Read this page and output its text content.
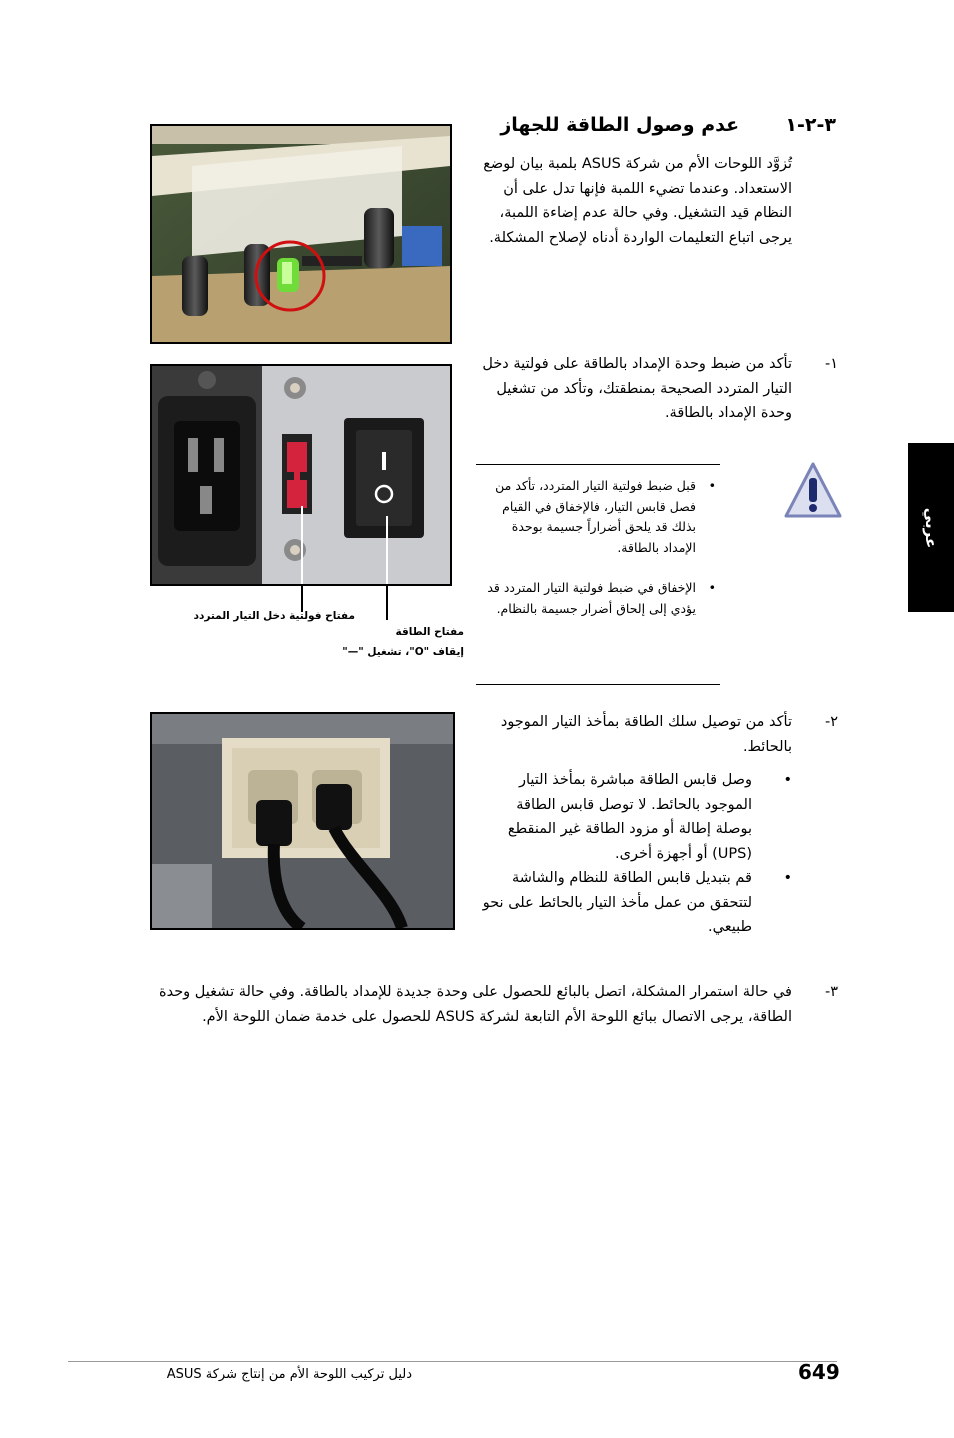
٣-٢-١       عدم وصول الطاقة للجهاز
تُزوَّد اللوحات الأم من شركة ASUS بلمبة بيان لوضع الاستعداد. وعندما تضيء اللمبة فإنها تدل على أن النظام قيد التشغيل. وفي حالة عدم إضاءة اللمبة، يرجى اتباع التعليمات الواردة أدناه لإصلاح المشكلة.
مفتاح فولتية دخل التيار المتردد
مفتاح الطاقة
إيقاف "O"، تشغيل "—"
١-
تأكد من ضبط وحدة الإمداد بالطاقة على فولتية دخل التيار المتردد الصحيحة بمنطقتك، وتأكد من تشغيل وحدة الإمداد بالطاقة.
• قبل ضبط فولتية التيار المتردد، تأكد من فصل قابس التيار، فالإخفاق في القيام بذلك قد يلحق أضراراً جسيمة بوحدة الإمداد بالطاقة.
• الإخفاق في ضبط فولتية التيار المتردد قد يؤدي إلى إلحاق أضرار جسيمة بالنظام.
٢-
تأكد من توصيل سلك الطاقة بمأخذ التيار الموجود بالحائط.
• وصل قابس الطاقة مباشرة بمأخذ التيار الموجود بالحائط. لا توصل قابس الطاقة بوصلة إطالة أو مزود الطاقة غير المنقطع (UPS) أو أجهزة أخرى.
• قم بتبديل قابس الطاقة للنظام والشاشة لتتحقق من عمل مأخذ التيار بالحائط على نحو طبيعي.
٣-
في حالة استمرار المشكلة، اتصل بالبائع للحصول على وحدة جديدة للإمداد بالطاقة. وفي حالة تشغيل وحدة الطاقة، يرجى الاتصال ببائع اللوحة الأم التابعة لشركة ASUS للحصول على خدمة ضمان اللوحة الأم.
عربي
649
دليل تركيب اللوحة الأم من إنتاج شركة ASUS
